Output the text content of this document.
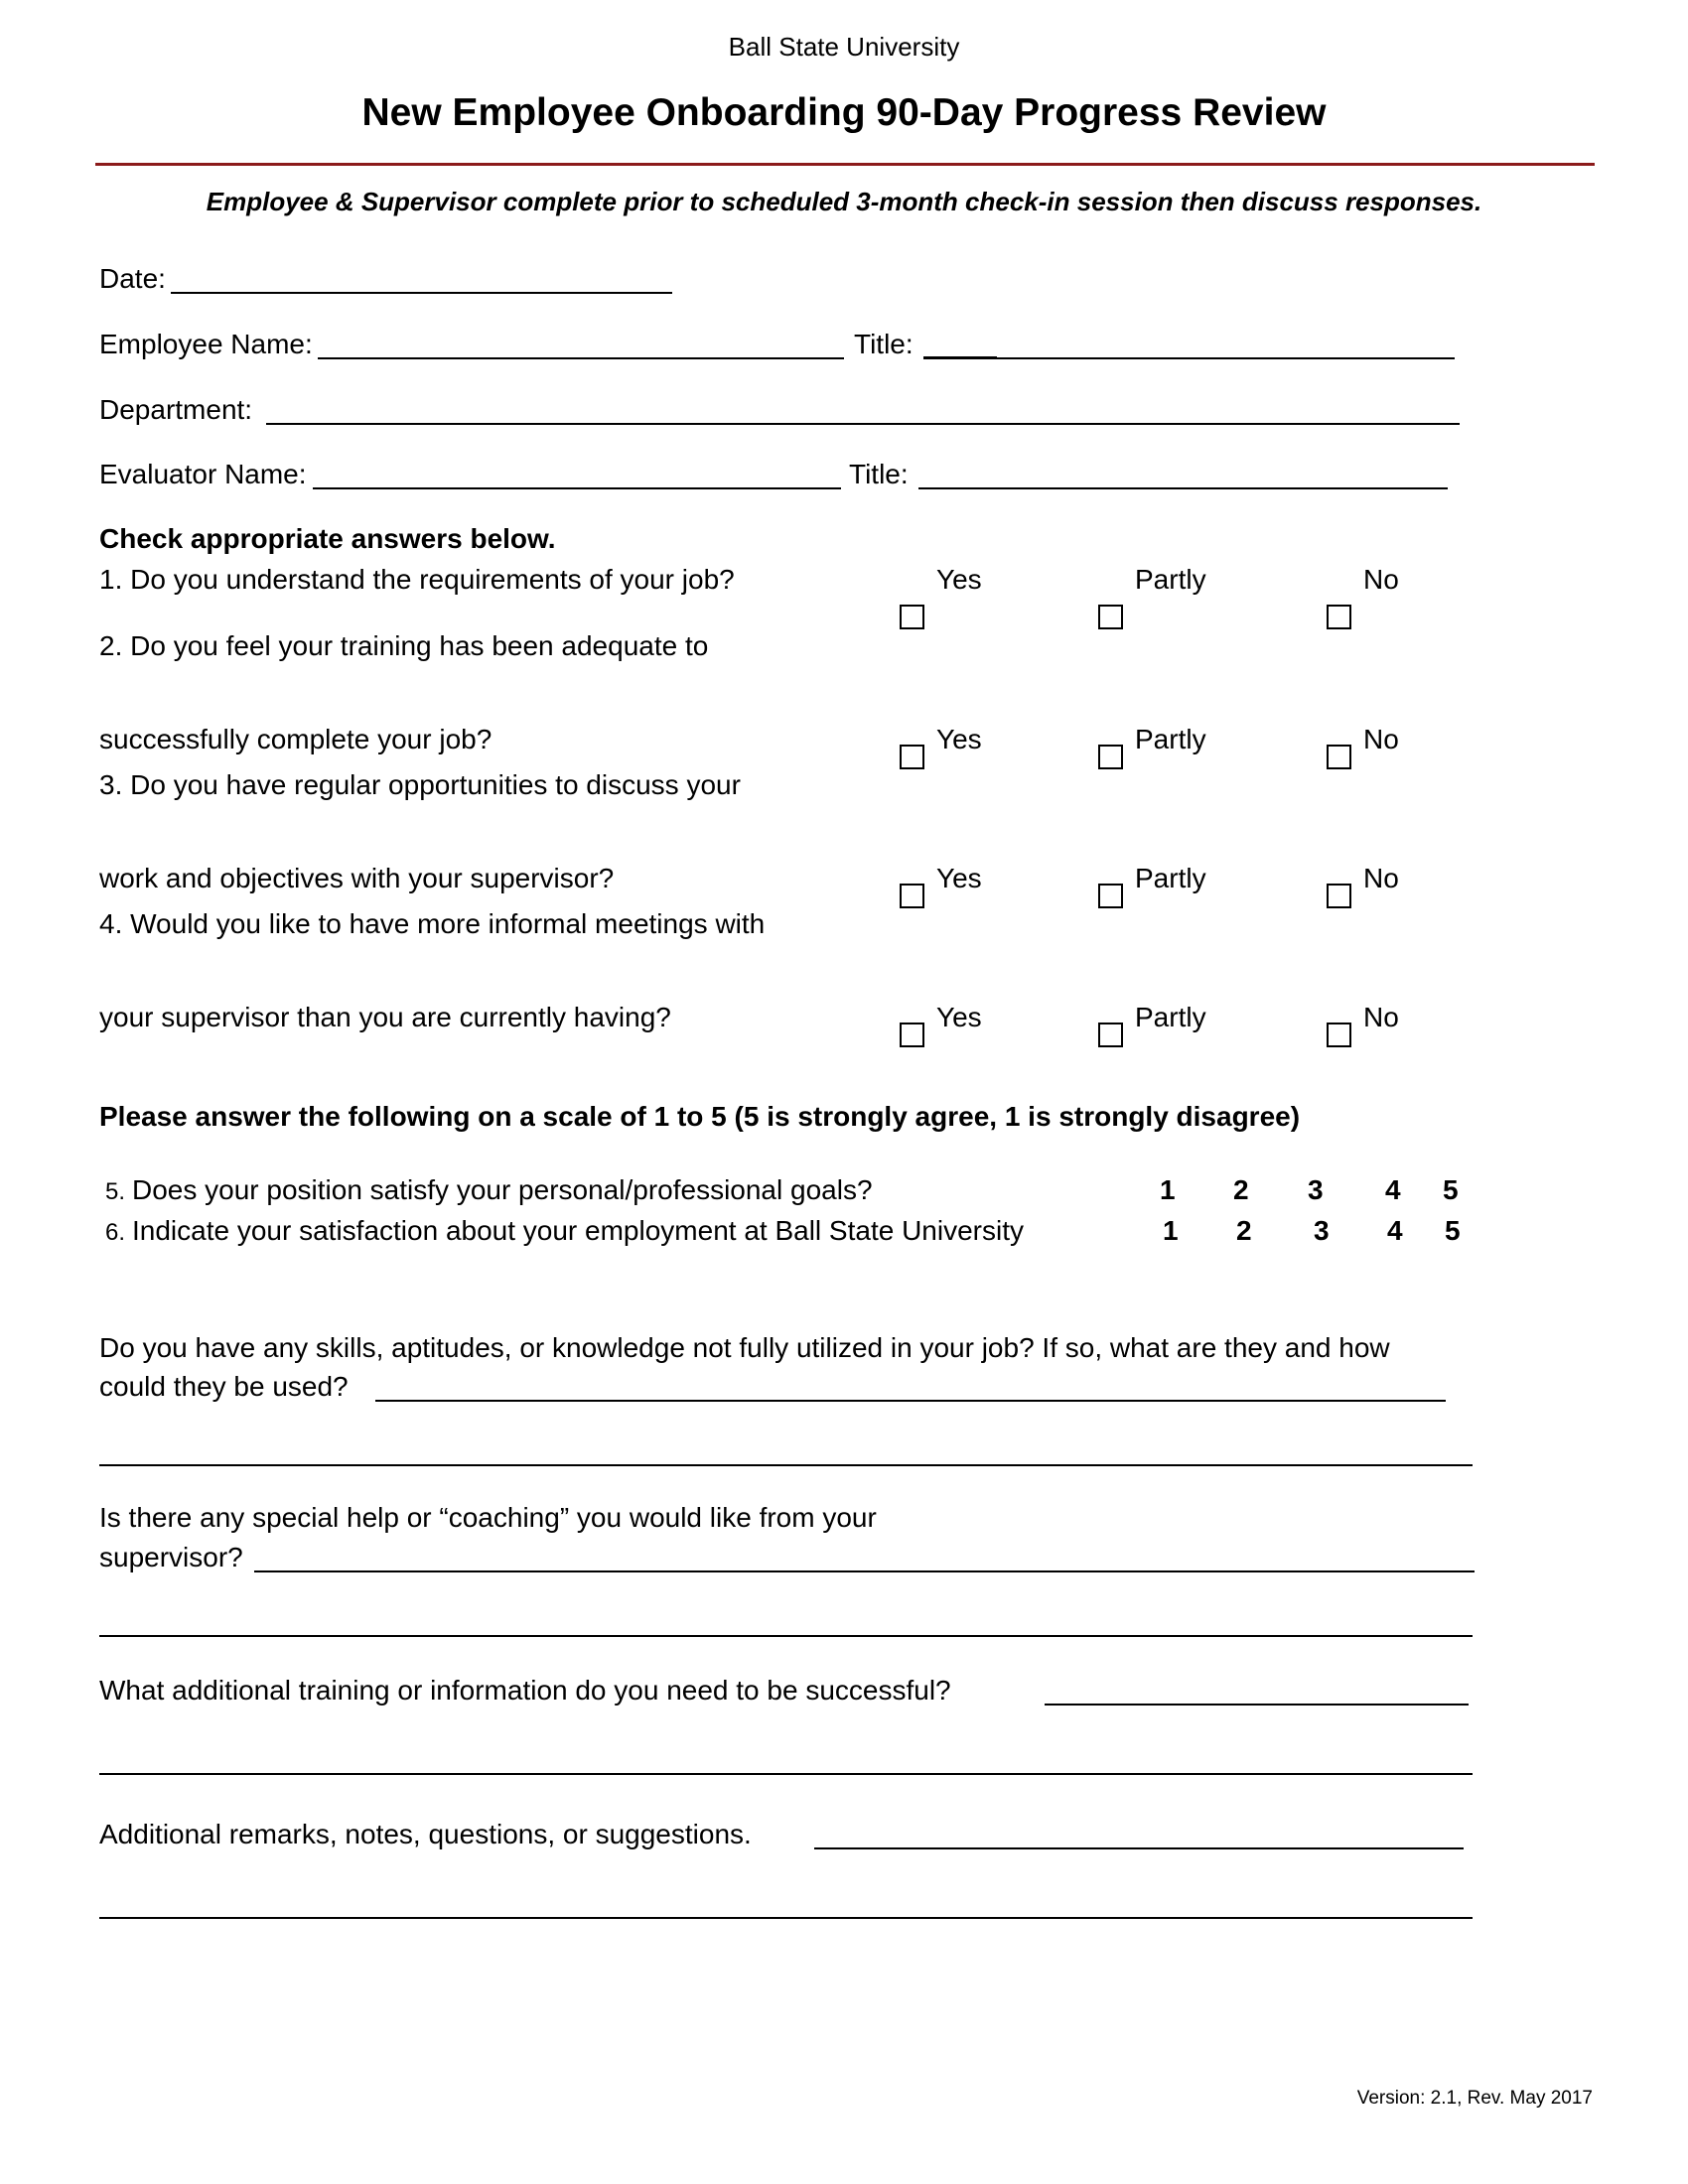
Ball State University
New Employee Onboarding 90-Day Progress Review
Employee & Supervisor complete prior to scheduled 3-month check-in session then discuss responses.
Date:
Employee Name:	Title:
Department:
Evaluator Name:	Title:
Check appropriate answers below.
1. Do you understand the requirements of your job?	Yes	Partly	No
2. Do you feel your training has been adequate to
successfully complete your job?	Yes	Partly	No
3. Do you have regular opportunities to discuss your
work and objectives with your supervisor?	Yes	Partly	No
4. Would you like to have more informal meetings with
your supervisor than you are currently having?	Yes	Partly	No
Please answer the following on a scale of 1 to 5 (5 is strongly agree, 1 is strongly disagree)
5. Does your position satisfy your personal/professional goals?	1 2 3 4 5
6. Indicate your satisfaction about your employment at Ball State University	1 2 3 4 5
Do you have any skills, aptitudes, or knowledge not fully utilized in your job? If so, what are they and how
could they be used?
Is there any special help or “coaching” you would like from your
supervisor?
What additional training or information do you need to be successful?
Additional remarks, notes, questions, or suggestions.
Version: 2.1, Rev. May 2017
